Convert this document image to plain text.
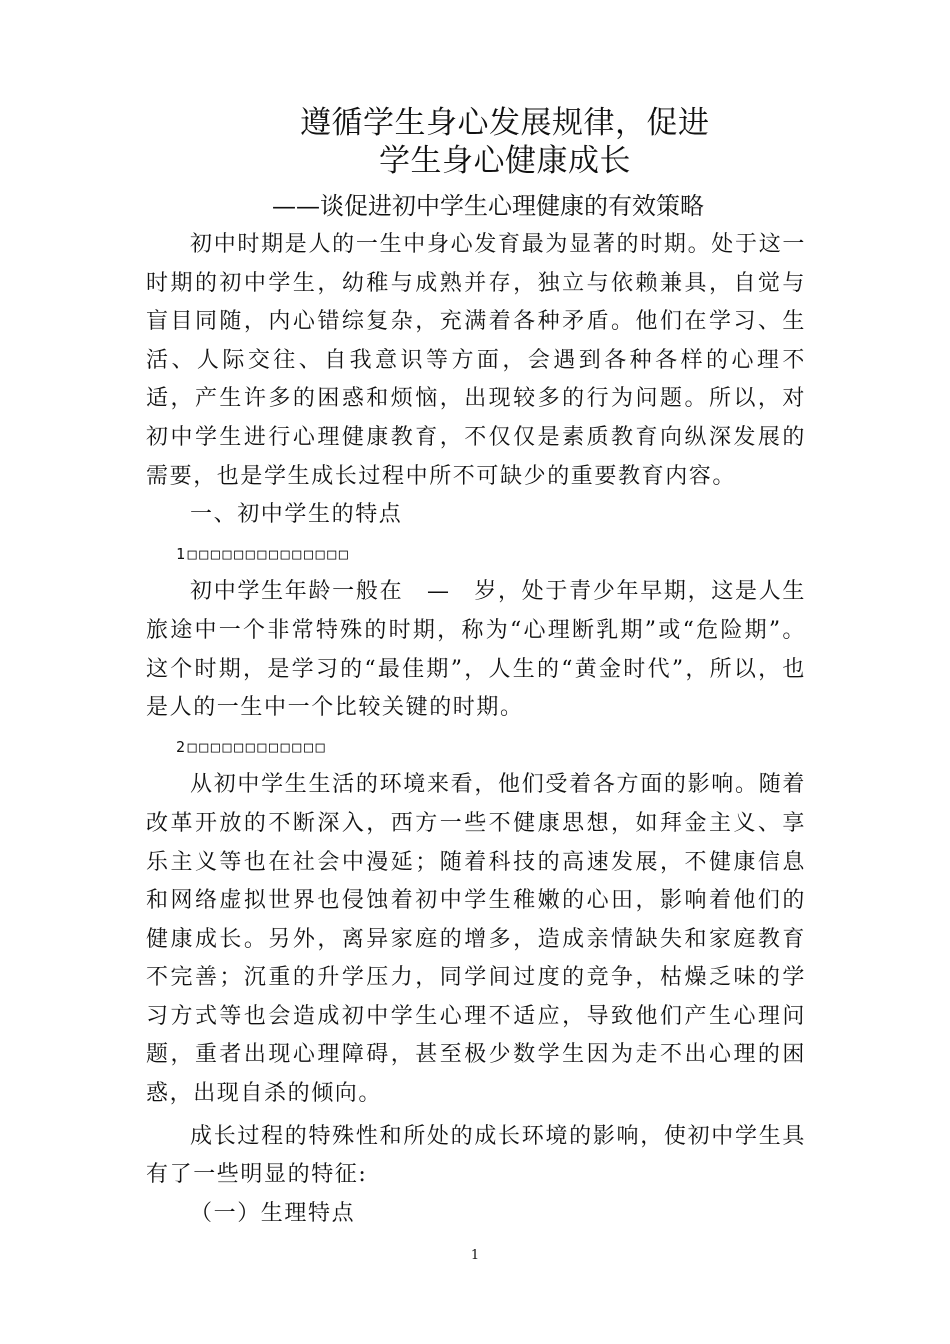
遵循学生身心发展规律，促进
学生身心健康成长
——谈促进初中学生心理健康的有效策略

初中时期是人的一生中身心发育最为显著的时期。处于这一时期的初中学生，幼稚与成熟并存，独立与依赖兼具，自觉与盲目同随，内心错综复杂，充满着各种矛盾。他们在学习、生活、人际交往、自我意识等方面，会遇到各种各样的心理不适，产生许多的困惑和烦恼，出现较多的行为问题。所以，对初中学生进行心理健康教育，不仅仅是素质教育向纵深发展的需要，也是学生成长过程中所不可缺少的重要教育内容。

一、初中学生的特点

1□□□□□□□□□□□□□□

初中学生年龄一般在　—　岁，处于青少年早期，这是人生旅途中一个非常特殊的时期，称为“心理断乳期”或“危险期”。这个时期，是学习的“最佳期”，人生的“黄金时代”，所以，也是人的一生中一个比较关键的时期。

2□□□□□□□□□□□□

从初中学生生活的环境来看，他们受着各方面的影响。随着改革开放的不断深入，西方一些不健康思想，如拜金主义、享乐主义等也在社会中漫延；随着科技的高速发展，不健康信息和网络虚拟世界也侵蚀着初中学生稚嫩的心田，影响着他们的健康成长。另外，离异家庭的增多，造成亲情缺失和家庭教育不完善；沉重的升学压力，同学间过度的竞争，枯燥乏味的学习方式等也会造成初中学生心理不适应，导致他们产生心理问题，重者出现心理障碍，甚至极少数学生因为走不出心理的困惑，出现自杀的倾向。

成长过程的特殊性和所处的成长环境的影响，使初中学生具有了一些明显的特征:

（一）生理特点

1
